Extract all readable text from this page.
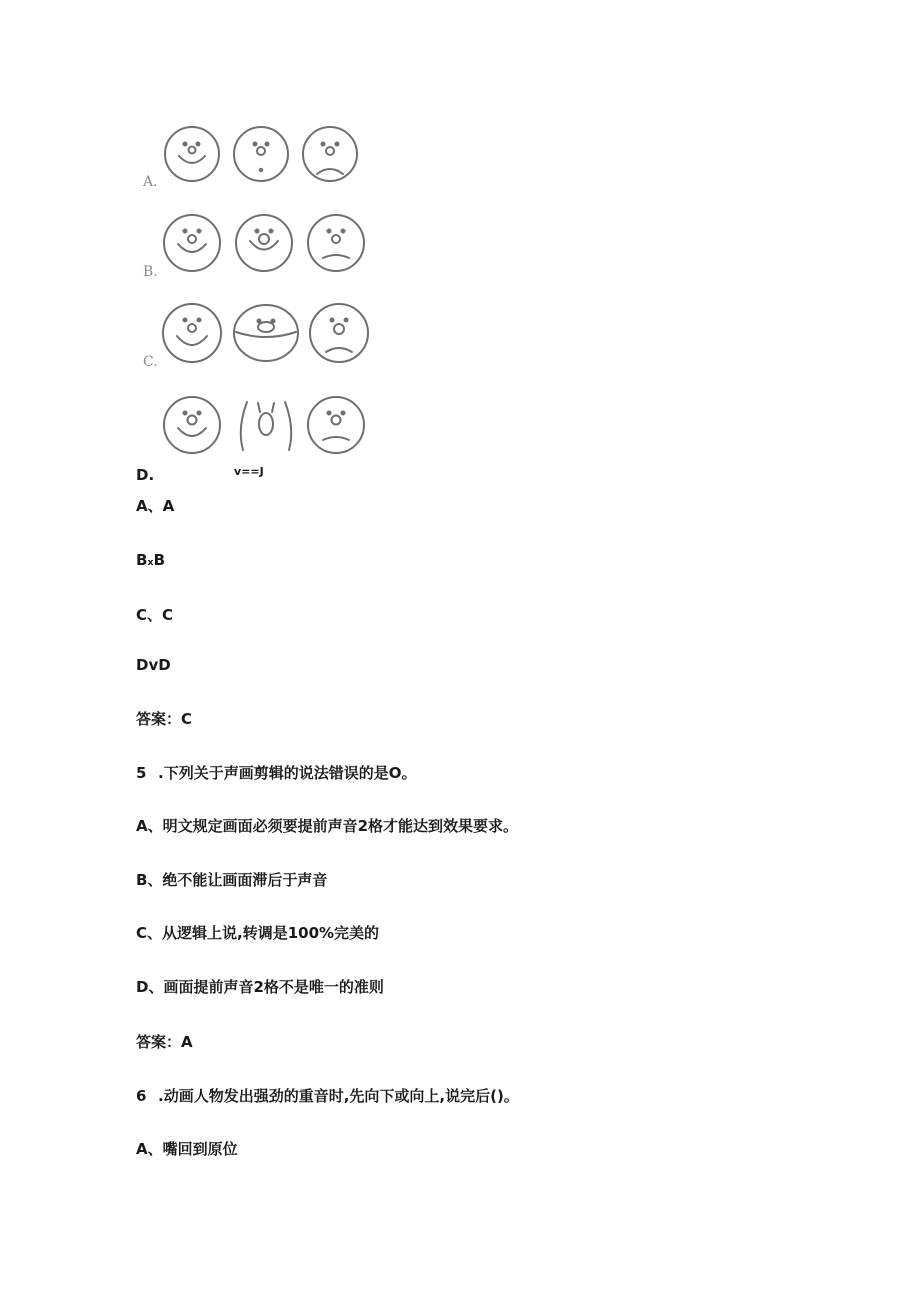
A.
B.
C.
D.	v==J
A、A
BₓB
C、C
DvD
答案：C
5 .下列关于声画剪辑的说法错误的是O。
A、明文规定画面必须要提前声音2格才能达到效果要求。
B、绝不能让画面滞后于声音
C、从逻辑上说,转调是100%完美的
D、画面提前声音2格不是唯一的准则
答案：A
6 .动画人物发出强劲的重音时,先向下或向上,说完后()。
A、嘴回到原位
